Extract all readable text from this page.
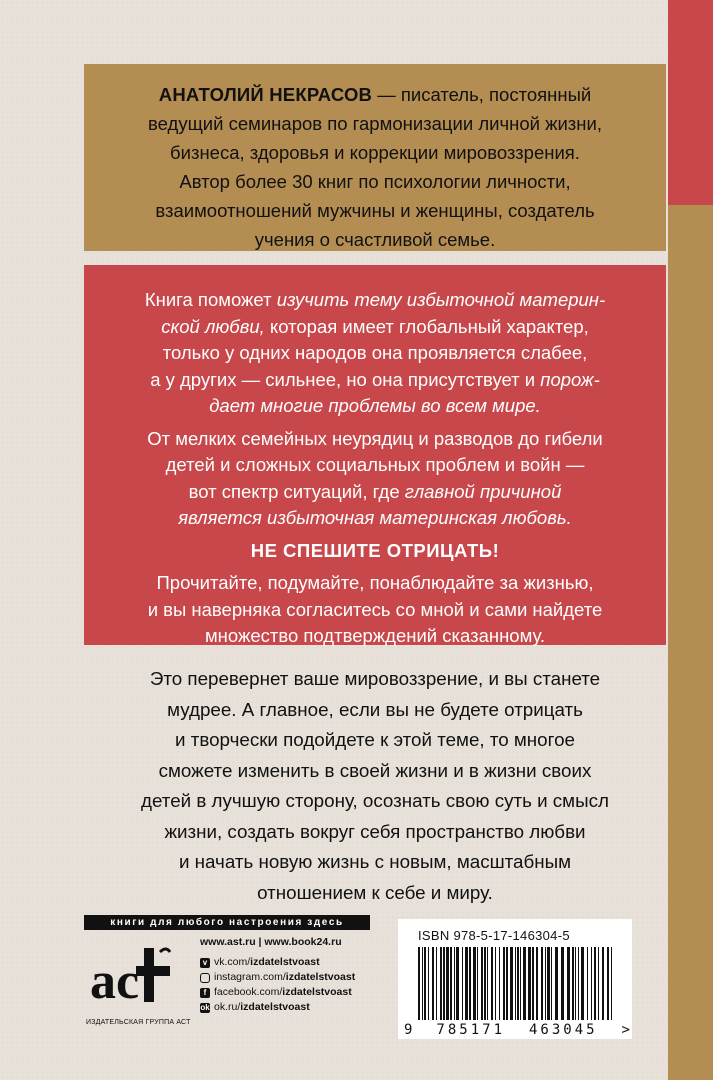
АНАТОЛИЙ НЕКРАСОВ — писатель, постоянный
ведущий семинаров по гармонизации личной жизни,
бизнеса, здоровья и коррекции мировоззрения.
Автор более 30 книг по психологии личности,
взаимоотношений мужчины и женщины, создатель
учения о счастливой семье.

Книга поможет изучить тему избыточной материн-
ской любви, которая имеет глобальный характер,
только у одних народов она проявляется слабее,
а у других — сильнее, но она присутствует и порож-
дает многие проблемы во всем мире.

От мелких семейных неурядиц и разводов до гибели
детей и сложных социальных проблем и войн —
вот спектр ситуаций, где главной причиной
является избыточная материнская любовь.

НЕ СПЕШИТЕ ОТРИЦАТЬ!

Прочитайте, подумайте, понаблюдайте за жизнью,
и вы наверняка согласитесь со мной и сами найдете
множество подтверждений сказанному.

Это перевернет ваше мировоззрение, и вы станете
мудрее. А главное, если вы не будете отрицать
и творчески подойдете к этой теме, то многое
сможете изменить в своей жизни и в жизни своих
детей в лучшую сторону, осознать свою суть и смысл
жизни, создать вокруг себя пространство любви
и начать новую жизнь с новым, масштабным
отношением к себе и миру.
книги для любого настроения здесь
ac
ИЗДАТЕЛЬСКАЯ ГРУППА АСТ
www.ast.ru | www.book24.ru
v vk.com/ izdatelstvoast
instagram.com/ izdatelstvoast
f facebook.com/ izdatelstvoast
ok ok.ru/ izdatelstvoast
ISBN 978-5-17-146304-5
9 785171 463045 >
